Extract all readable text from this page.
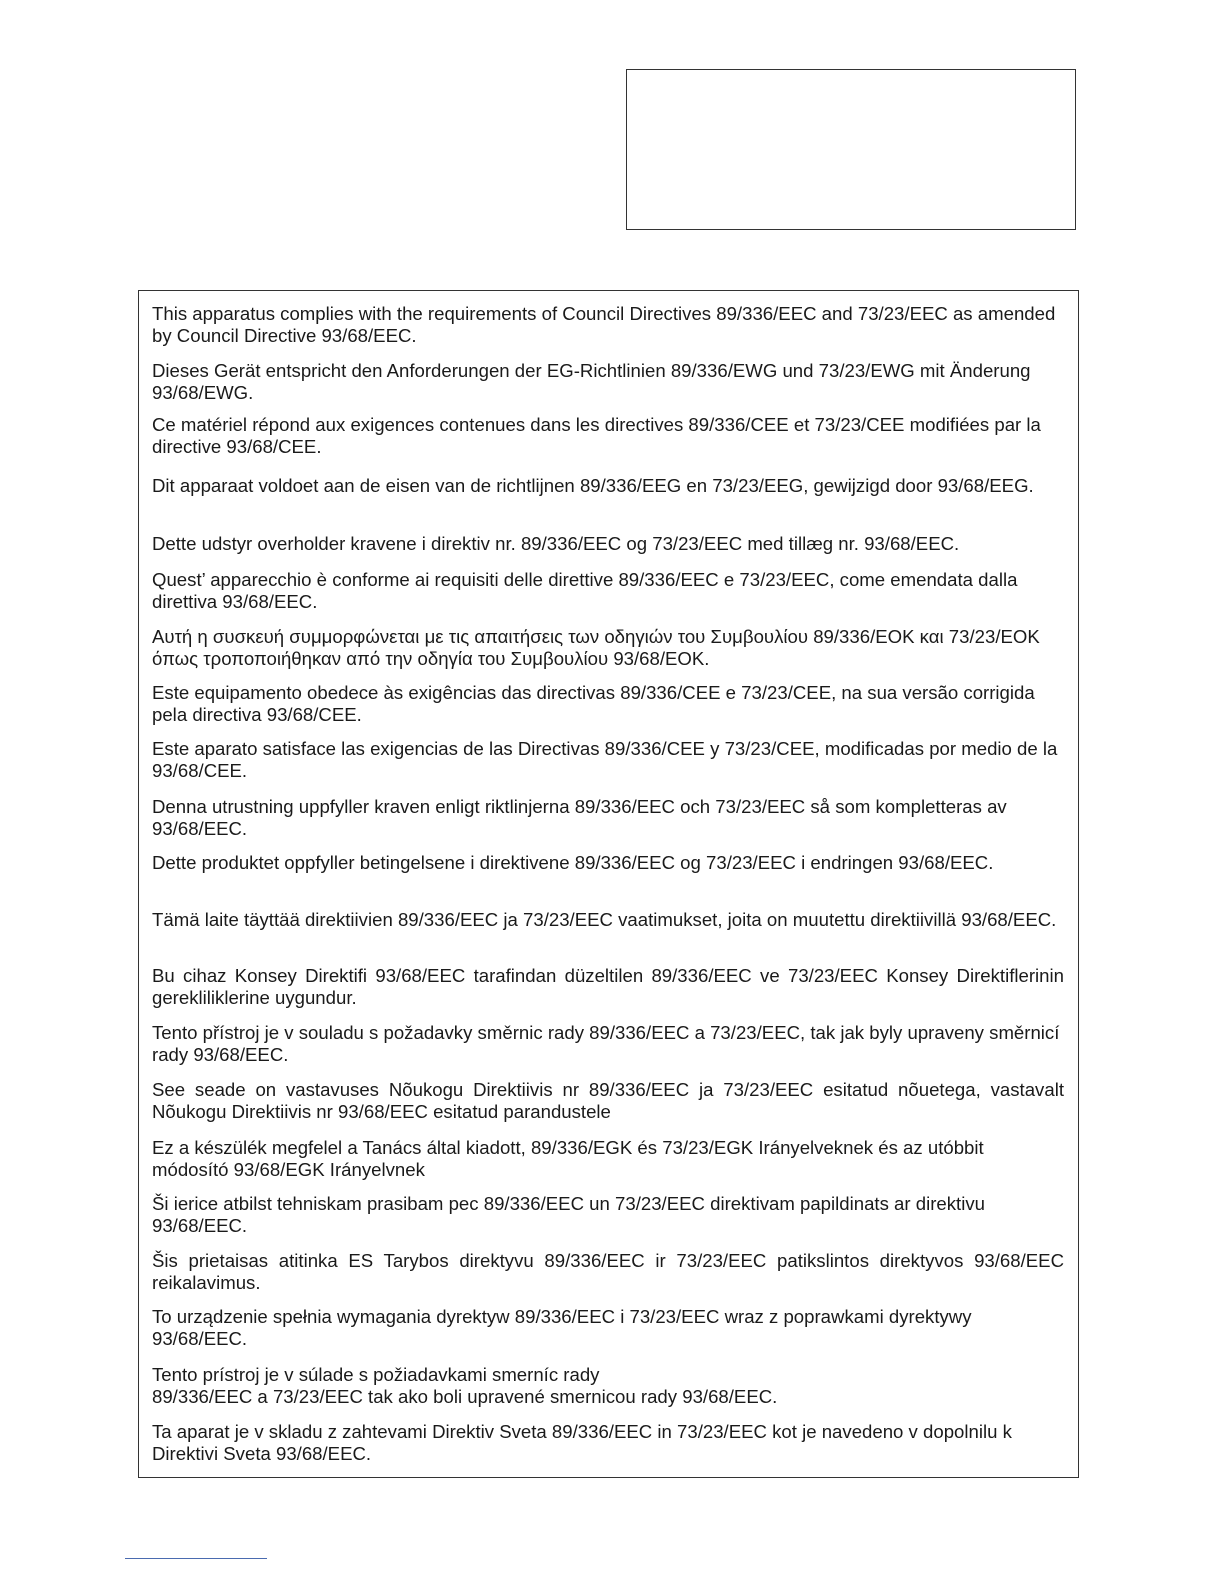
This apparatus complies with the requirements of Council Directives 89/336/EEC and 73/23/EEC as amended by Council Directive 93/68/EEC.

Dieses Gerät entspricht den Anforderungen der EG-Richtlinien 89/336/EWG und 73/23/EWG mit Änderung 93/68/EWG.

Ce matériel répond aux exigences contenues dans les directives 89/336/CEE et 73/23/CEE modifiées par la directive 93/68/CEE.

Dit apparaat voldoet aan de eisen van de richtlijnen 89/336/EEG en 73/23/EEG, gewijzigd door 93/68/EEG.

Dette udstyr overholder kravene i direktiv nr. 89/336/EEC og 73/23/EEC med tillæg nr. 93/68/EEC.

Quest’ apparecchio è conforme ai requisiti delle direttive 89/336/EEC e 73/23/EEC, come emendata dalla direttiva 93/68/EEC.

Αυτή η συσκευή συμμορφώνεται με τις απαιτήσεις των οδηγιών του Συμβουλίου 89/336/ΕΟΚ και 73/23/ΕΟΚ όπως τροποποιήθηκαν από την οδηγία του Συμβουλίου 93/68/ΕΟΚ.

Este equipamento obedece às exigências das directivas 89/336/CEE e 73/23/CEE, na sua versão corrigida pela directiva 93/68/CEE.

Este aparato satisface las exigencias de las Directivas 89/336/CEE y 73/23/CEE, modificadas por medio de la 93/68/CEE.

Denna utrustning uppfyller kraven enligt riktlinjerna 89/336/EEC och 73/23/EEC så som kompletteras av 93/68/EEC.

Dette produktet oppfyller betingelsene i direktivene 89/336/EEC og 73/23/EEC i endringen 93/68/EEC.

Tämä laite täyttää direktiivien 89/336/EEC ja 73/23/EEC vaatimukset, joita on muutettu direktiivillä 93/68/EEC.

Bu cihaz Konsey Direktifi 93/68/EEC tarafindan düzeltilen 89/336/EEC ve 73/23/EEC Konsey Direktiflerinin gerekliliklerine uygundur.

Tento přístroj je v souladu s požadavky směrnic rady 89/336/EEC a 73/23/EEC, tak jak byly upraveny směrnicí rady 93/68/EEC.

See seade on vastavuses Nõukogu Direktiivis nr 89/336/EEC ja 73/23/EEC esitatud nõuetega, vastavalt Nõukogu Direktiivis nr 93/68/EEC esitatud parandustele

Ez a készülék megfelel a Tanács által kiadott, 89/336/EGK és 73/23/EGK Irányelveknek és az utóbbit módosító 93/68/EGK Irányelvnek

Ši ierice atbilst tehniskam prasibam pec 89/336/EEC un 73/23/EEC direktivam papildinats ar direktivu 93/68/EEC.

Šis prietaisas atitinka ES Tarybos direktyvu 89/336/EEC ir 73/23/EEC patikslintos direktyvos 93/68/EEC reikalavimus.

To urządzenie spełnia wymagania dyrektyw 89/336/EEC i 73/23/EEC wraz z poprawkami dyrektywy 93/68/EEC.

Tento prístroj je v súlade s požiadavkami smerníc rady
89/336/EEC a 73/23/EEC tak ako boli upravené smernicou rady 93/68/EEC.

Ta aparat je v skladu z zahtevami Direktiv Sveta 89/336/EEC in 73/23/EEC kot je navedeno v dopolnilu k Direktivi Sveta 93/68/EEC.
